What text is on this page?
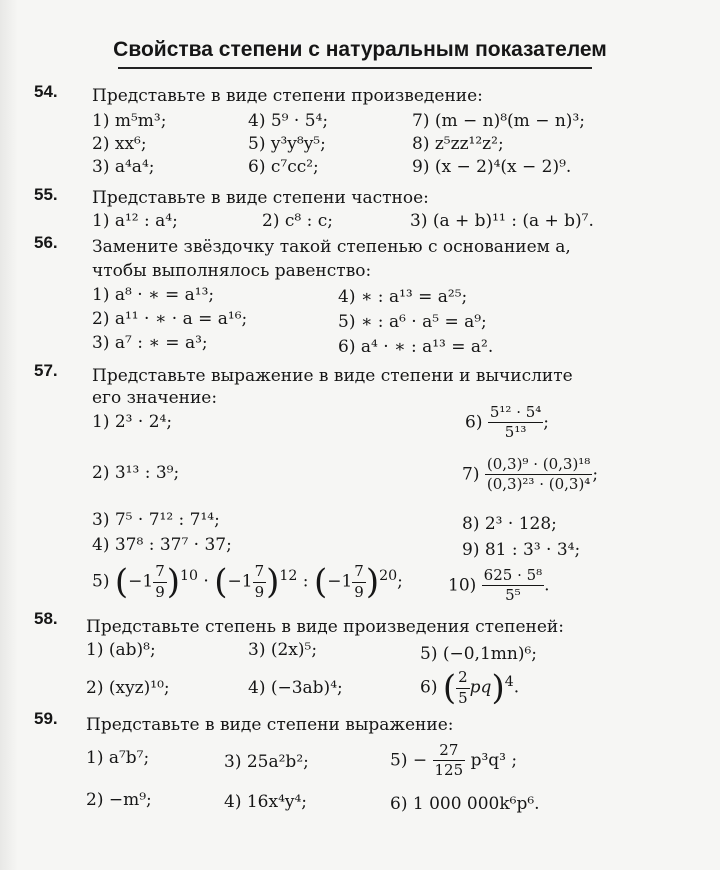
Свойства степени с натуральным показателем
54. Представьте в виде степени произведение:
1) m⁵m³;
2) xx⁶;
3) a⁴a⁴;
4) 5⁹ · 5⁴;
5) y³y⁸y⁵;
6) c⁷cc²;
7) (m − n)⁸(m − n)³;
8) z⁵zz¹²z²;
9) (x − 2)⁴(x − 2)⁹.
55. Представьте в виде степени частное:
1) a¹² : a⁴;	2) c⁸ : c;	3) (a + b)¹¹ : (a + b)⁷.
56. Замените звёздочку такой степенью с основанием a,
чтобы выполнялось равенство:
1) a⁸ · ∗ = a¹³;
2) a¹¹ · ∗ · a = a¹⁶;
3) a⁷ : ∗ = a³;
4) ∗ : a¹³ = a²⁵;
5) ∗ : a⁶ · a⁵ = a⁹;
6) a⁴ · ∗ : a¹³ = a².
57. Представьте выражение в виде степени и вычислите
его значение:
1) 2³ · 2⁴;
2) 3¹³ : 3⁹;
3) 7⁵ · 7¹² : 7¹⁴;
4) 37⁸ : 37⁷ · 37;
5) $(-1 \frac{7}{9} )^{10} \cdot (-1 \frac{7}{9} )^{12}$ : $(-1 \frac{7}{9} )^{20}$;
$6) \frac{\text{5¹² · 5⁴}}{\text{5¹³}}$ ;
$7) \frac{\text{(0,3)⁹ · (0,3)¹⁸}}{\text{(0,3)²³ · (0,3)⁴}}$ ;
8) 2³ · 128;
9) 81 : 3³ · 3⁴;
$10) \frac{\text{625 · 5⁸}}{\text{5⁵}}$ .
58. Представьте степень в виде произведения степеней:
1) (ab)⁸;
2) (xyz)¹⁰;
3) (2x)⁵;
4) (−3ab)⁴;
5) (−0,1mn)⁶;
6) ( $\frac{2}{5} pq)^4$.
59. Представьте в виде степени выражение:
1) a⁷b⁷;
2) −m⁹;
3) 25a²b²;
4) 16x⁴y⁴;
$5) - \frac{27}{125} p^3q^3$ ;
6) 1 000 000k⁶p⁶.
